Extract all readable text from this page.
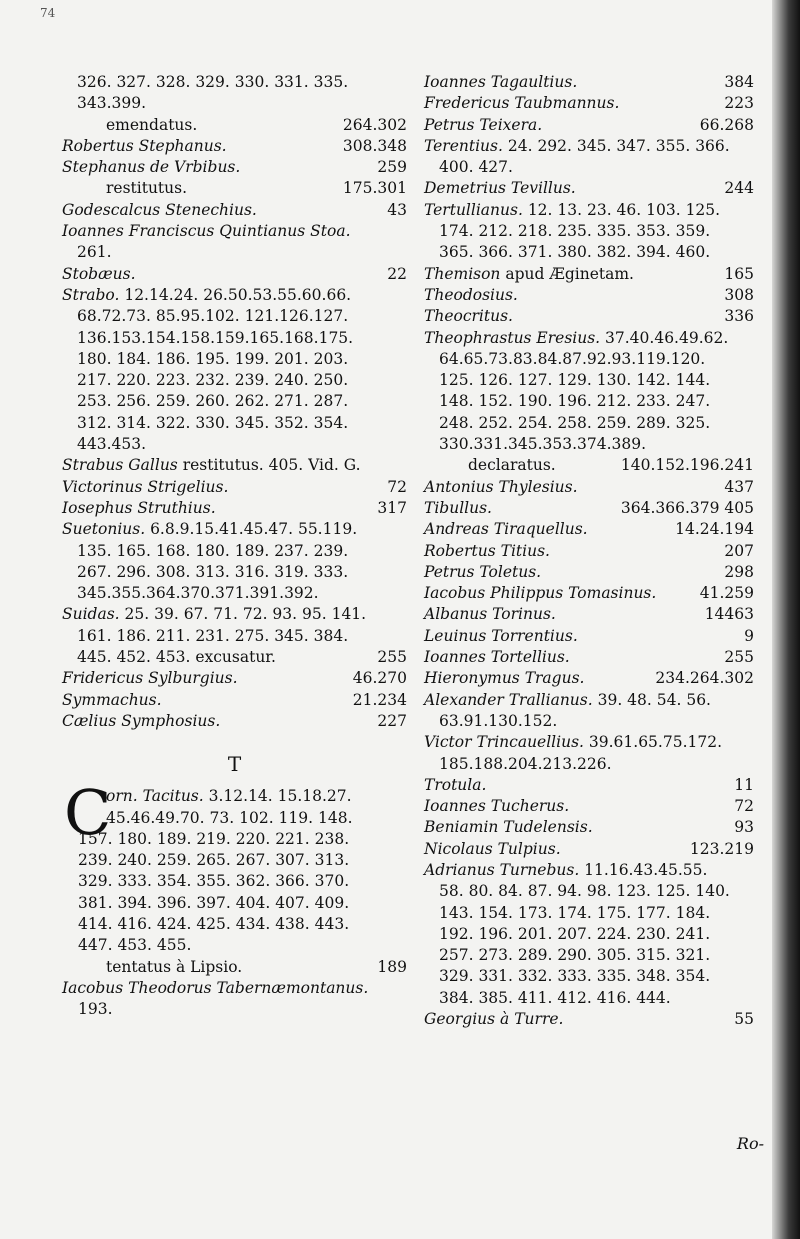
74
326. 327. 328. 329. 330. 331. 335.
343.399.
emendatus.	264.302
Robertus Stephanus.	308.348
Stephanus de Vrbibus.	259
restitutus.	175.301
Godescalcus Stenechius.	43
Ioannes Franciscus Quintianus Stoa.
261.
Stobæus.	22
Strabo. 12.14.24. 26.50.53.55.60.66.
68.72.73. 85.95.102. 121.126.127.
136.153.154.158.159.165.168.175.
180. 184. 186. 195. 199. 201. 203.
217. 220. 223. 232. 239. 240. 250.
253. 256. 259. 260. 262. 271. 287.
312. 314. 322. 330. 345. 352. 354.
443.453.
Strabus Gallus restitutus. 405. Vid. G.
Victorinus Strigelius.	72
Iosephus Struthius.	317
Suetonius. 6.8.9.15.41.45.47. 55.119.
135. 165. 168. 180. 189. 237. 239.
267. 296. 308. 313. 316. 319. 333.
345.355.364.370.371.391.392.
Suidas. 25. 39. 67. 71. 72. 93. 95. 141.
161. 186. 211. 231. 275. 345. 384.
445. 452. 453. excusatur.	255
Fridericus Sylburgius.	46.270
Symmachus.	21.234
Cælius Symphosius.	227
T
C
orn. Tacitus. 3.12.14. 15.18.27.
45.46.49.70. 73. 102. 119. 148.
157. 180. 189. 219. 220. 221. 238.
239. 240. 259. 265. 267. 307. 313.
329. 333. 354. 355. 362. 366. 370.
381. 394. 396. 397. 404. 407. 409.
414. 416. 424. 425. 434. 438. 443.
447. 453. 455.
tentatus à Lipsio.	189
Iacobus Theodorus Tabernæmontanus.
193.
Ioannes Tagaultius.	384
Fredericus Taubmannus.	223
Petrus Teixera.	66.268
Terentius. 24. 292. 345. 347. 355. 366.
400. 427.
Demetrius Tevillus.	244
Tertullianus. 12. 13. 23. 46. 103. 125.
174. 212. 218. 235. 335. 353. 359.
365. 366. 371. 380. 382. 394. 460.
Themison apud Æginetam.	165
Theodosius.	308
Theocritus.	336
Theophrastus Eresius. 37.40.46.49.62.
64.65.73.83.84.87.92.93.119.120.
125. 126. 127. 129. 130. 142. 144.
148. 152. 190. 196. 212. 233. 247.
248. 252. 254. 258. 259. 289. 325.
330.331.345.353.374.389.
declaratus.	140.152.196.241
Antonius Thylesius.	437
Tibullus.	364.366.379 405
Andreas Tiraquellus.	14.24.194
Robertus Titius.	207
Petrus Toletus.	298
Iacobus Philippus Tomasinus.	41.259
Albanus Torinus.	14463
Leuinus Torrentius.	9
Ioannes Tortellius.	255
Hieronymus Tragus.	234.264.302
Alexander Trallianus. 39. 48. 54. 56.
63.91.130.152.
Victor Trincauellius. 39.61.65.75.172.
185.188.204.213.226.
Trotula.	11
Ioannes Tucherus.	72
Beniamin Tudelensis.	93
Nicolaus Tulpius.	123.219
Adrianus Turnebus. 11.16.43.45.55.
58. 80. 84. 87. 94. 98. 123. 125. 140.
143. 154. 173. 174. 175. 177. 184.
192. 196. 201. 207. 224. 230. 241.
257. 273. 289. 290. 305. 315. 321.
329. 331. 332. 333. 335. 348. 354.
384. 385. 411. 412. 416. 444.
Georgius à Turre.	55
Ro-
